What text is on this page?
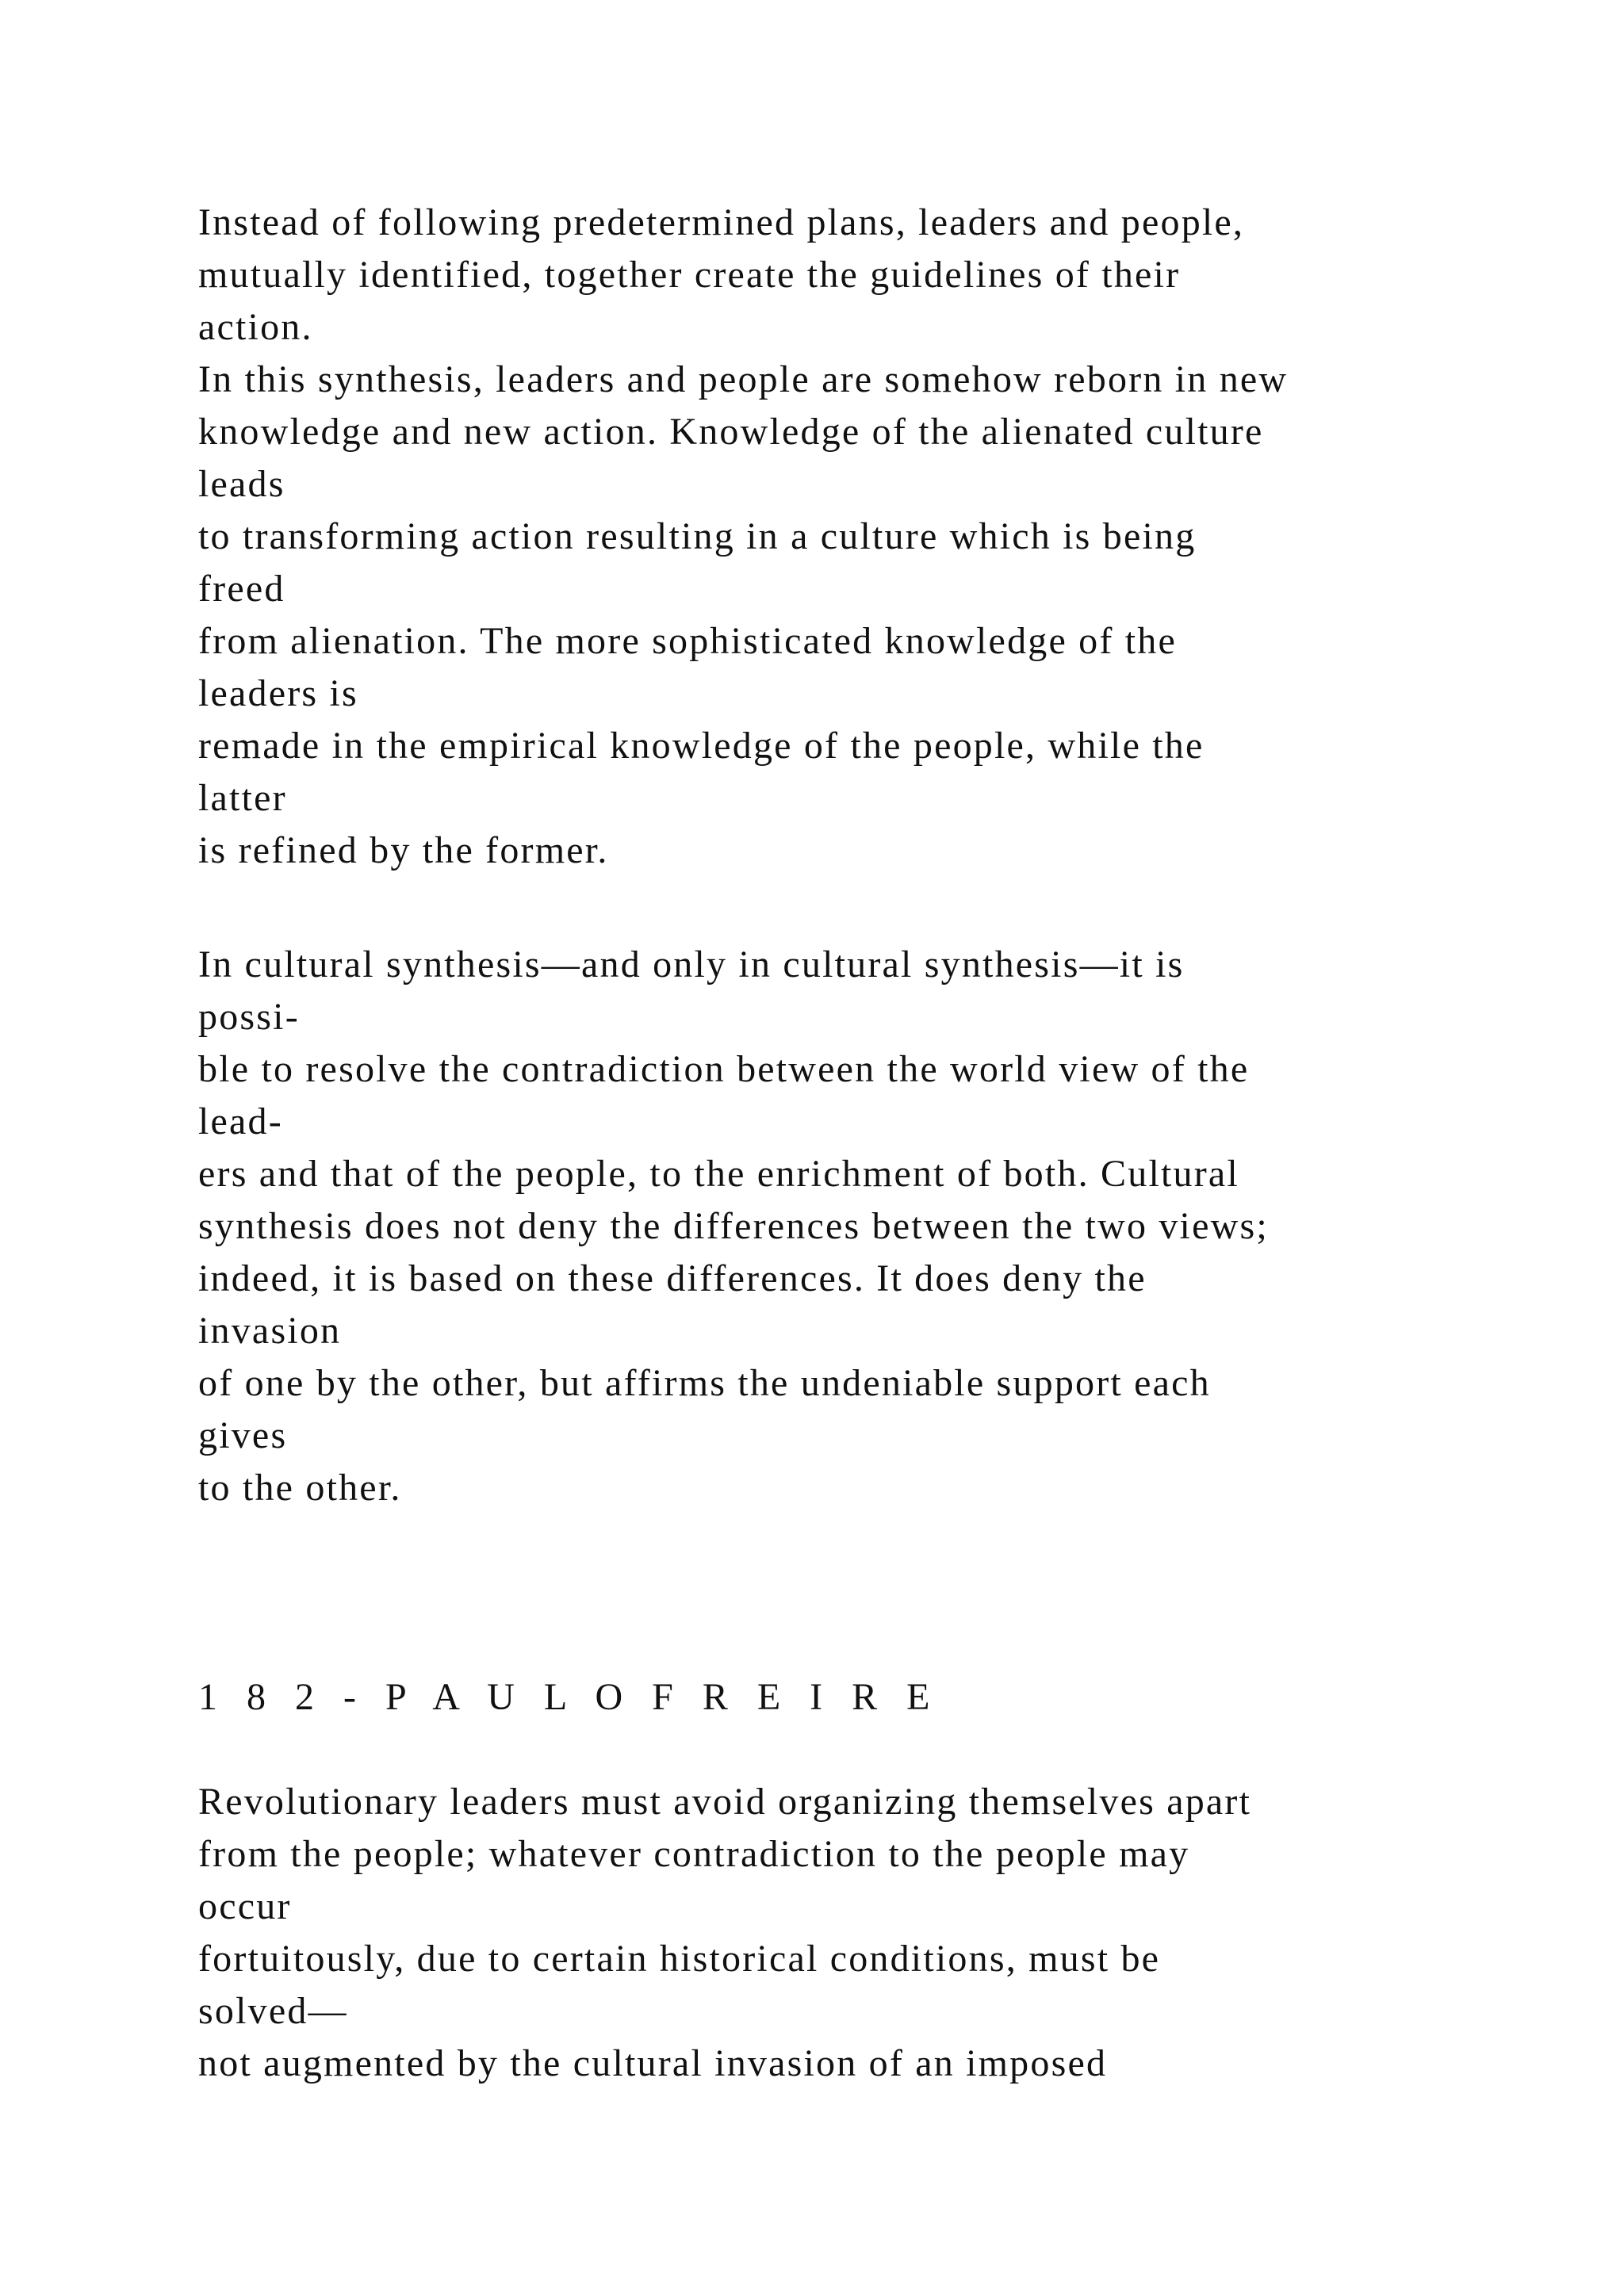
Instead of following predetermined plans, leaders and people,
mutually identified, together create the guidelines of their
action.
In this synthesis, leaders and people are somehow reborn in new
knowledge and new action. Knowledge of the alienated culture
leads
to transforming action resulting in a culture which is being
freed
from alienation. The more sophisticated knowledge of the
leaders is
remade in the empirical knowledge of the people, while the
latter
is refined by the former.
In cultural synthesis—and only in cultural synthesis—it is
possi-
ble to resolve the contradiction between the world view of the
lead-
ers and that of the people, to the enrichment of both. Cultural
synthesis does not deny the differences between the two views;
indeed, it is based on these differences. It does deny the
invasion
of one by the other, but affirms the undeniable support each
gives
to the other.
1 8 2 - P A U L O F R E I R E
Revolutionary leaders must avoid organizing themselves apart
from the people; whatever contradiction to the people may
occur
fortuitously, due to certain historical conditions, must be
solved—
not augmented by the cultural invasion of an imposed
